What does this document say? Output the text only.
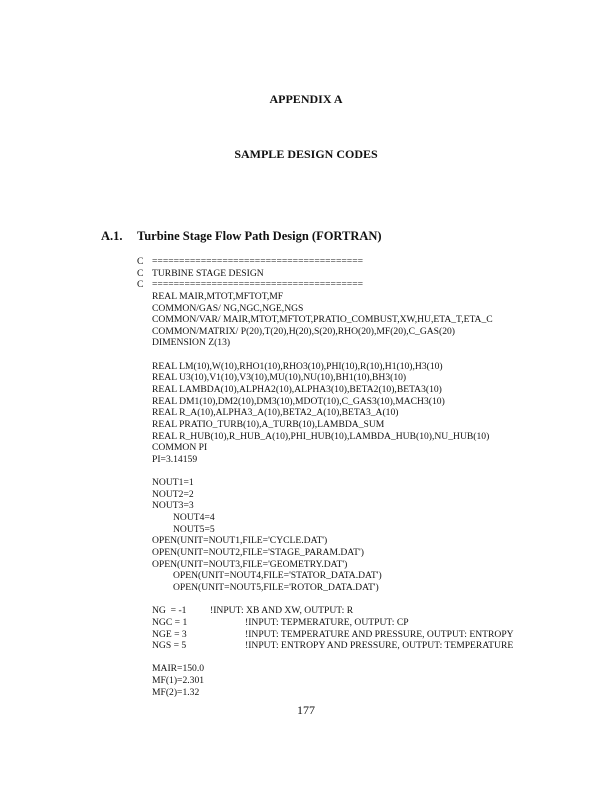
APPENDIX A
SAMPLE DESIGN CODES
A.1. Turbine Stage Flow Path Design (FORTRAN)
C =======================================
C TURBINE STAGE DESIGN
C =======================================
REAL MAIR,MTOT,MFTOT,MF
COMMON/GAS/ NG,NGC,NGE,NGS
COMMON/VAR/ MAIR,MTOT,MFTOT,PRATIO_COMBUST,XW,HU,ETA_T,ETA_C
COMMON/MATRIX/ P(20),T(20),H(20),S(20),RHO(20),MF(20),C_GAS(20)
DIMENSION Z(13)
REAL LM(10),W(10),RHO1(10),RHO3(10),PHI(10),R(10),H1(10),H3(10)
REAL U3(10),V1(10),V3(10),MU(10),NU(10),BH1(10),BH3(10)
REAL LAMBDA(10),ALPHA2(10),ALPHA3(10),BETA2(10),BETA3(10)
REAL DM1(10),DM2(10),DM3(10),MDOT(10),C_GAS3(10),MACH3(10)
REAL R_A(10),ALPHA3_A(10),BETA2_A(10),BETA3_A(10)
REAL PRATIO_TURB(10),A_TURB(10),LAMBDA_SUM
REAL R_HUB(10),R_HUB_A(10),PHI_HUB(10),LAMBDA_HUB(10),NU_HUB(10)
COMMON PI
PI=3.14159
NOUT1=1
NOUT2=2
NOUT3=3
NOUT4=4
NOUT5=5
OPEN(UNIT=NOUT1,FILE='CYCLE.DAT')
OPEN(UNIT=NOUT2,FILE='STAGE_PARAM.DAT')
OPEN(UNIT=NOUT3,FILE='GEOMETRY.DAT')
OPEN(UNIT=NOUT4,FILE='STATOR_DATA.DAT')
OPEN(UNIT=NOUT5,FILE='ROTOR_DATA.DAT')
NG  = -1 !INPUT: XB AND XW, OUTPUT: R
NGC = 1	!INPUT: TEPMERATURE, OUTPUT: CP
NGE = 3	!INPUT: TEMPERATURE AND PRESSURE, OUTPUT: ENTROPY
NGS = 5	!INPUT: ENTROPY AND PRESSURE, OUTPUT: TEMPERATURE
MAIR=150.0
MF(1)=2.301
MF(2)=1.32
177
